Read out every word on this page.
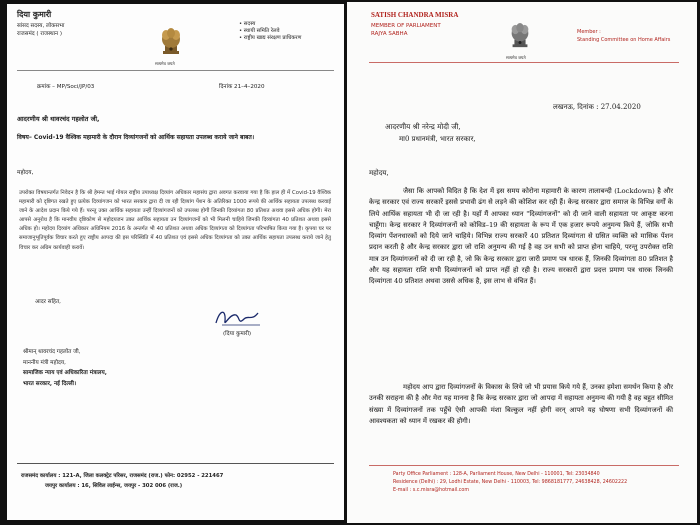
दिया कुमारी
सांसद सदस्य, लोकसभा
राजसमंद ( राजस्थान )
सत्यमेव जयते
• सदस्य
• स्थायी समिति रेलवे
• राष्ट्रीय खाद्य संरक्षण प्राधिकरण
क्रमांक – MP/Soci/JP/03	दिनांक 21–4–2020
आदरणीय श्री थावरचंद गहलोत जी,
विषय– Covid-19 वैश्विक महामारी के दौरान दिव्यांगजनों को आर्थिक सहायता उपलब्ध कराये जाने बाबत।
महोदय,
उपरोक्त विषयान्तर्गत निवेदन है कि श्री हेमन्त भाई गोयल राष्ट्रीय उपाध्यक्ष दिव्यांग अधिकार महासंघ द्वारा अवगत करवाया गया है कि हाल ही में Covid-19 वैश्विक महामारी को दृष्टिगत रखते हुए प्रत्येक दिव्यांगजन को भारत सरकार द्वारा दी जा रही दिव्यांग पेंशन के अतिरिक्त 1000 रूपये की आर्थिक सहायता उपलब्ध करवाई जाने के आदेश प्रदान किये गये हैं। परन्तु उक्त आर्थिक सहायता उन्हीं दिव्यांगजनों को उपलब्ध होगी जिनकी दिव्यांगता 80 प्रतिशत अथवा इससे अधिक होगी। मेरा आपसे अनुरोध है कि मानवीय दृष्टिकोण से महोदयजन उक्त आर्थिक सहायता उन दिव्यांगजनों को भी मिलनी चाहिये जिनकी दिव्यांगता 40 प्रतिशत अथवा इससे अधिक हो। महोदय दिव्यांग अधिकार अधिनियम 2016 के अन्तर्गत भी 40 प्रतिशत अथवा अधिक दिव्यांगता को दिव्यांगता परिभाषित किया गया है। कृपया घर पर समाजानुभूतिपूर्वक विचार करते हुए राष्ट्रीय आपदा की इस परिस्थिति में 40 प्रतिशत एवं इससे अधिक दिव्यांगता को उक्त आर्थिक सहायता उपलब्ध कराये जाने हेतु विचार कर अग्रिम कार्यवाही करावें।
आदर सहित,
(दिया कुमारी)
श्रीमान् थावरचंद गहलोत जी,
माननीय मंत्री महोदय,
सामाजिक न्याय एवं अधिकारिता मंत्रालय,
भारत सरकार, नई दिल्ली।
राजसमंद कार्यालय : 121-A, जिला कलक्ट्रेट परिसर, राजसमंद (राज.) फोन: 02952 - 221467
जयपुर कार्यालय : 16, सिविल लाईन्स, जयपुर - 302 006 (राज.)
SATISH CHANDRA MISRA
MEMBER OF PARLIAMENT
RAJYA SABHA
सत्यमेव जयते
Member :
Standing Committee on Home Affairs
लखनऊ, दिनांक : 27.04.2020
आदरणीय श्री नरेन्द्र मोदी जी,
मा0 प्रधानमंत्री, भारत सरकार,
महोदय,
जैसा कि आपको विदित है कि देश में इस समय कोरोना महामारी के कारण तालाबन्दी (Lockdown) है और केन्द्र सरकार एवं राज्य सरकारें इससे प्रभावी ढंग से लड़ने की कोशिश कर रही हैं। केन्द्र सरकार द्वारा समाज के विभिन्न वर्गों के लिये आर्थिक सहायता भी दी जा रही है। यहाँ मैं आपका ध्यान "दिव्यांगजनों" को दी जाने वाली सहायता पर आकृष्ट करना चाहूँगा। केन्द्र सरकार ने दिव्यांगजनों को कोविड–19 की सहायता के रूप में एक हजार रूपये अनुमन्य किये हैं, जोकि सभी दिव्यांग पेंशनधारकों को दिये जाने चाहिये। विभिन्न राज्य सरकारें 40 प्रतिशत दिव्यांगता से ग्रसित व्यक्ति को मासिक पेंशन प्रदान करती है और केन्द्र सरकार द्वारा जो राशि अनुमन्य की गई है वह उन सभी को प्राप्त होना चाहिये, परन्तु उपरोक्त राशि मात्र उन दिव्यांगजनों को दी जा रही है, जो कि केन्द्र सरकार द्वारा जारी प्रमाण पत्र धारक हैं, जिनकी दिव्यांगता 80 प्रतिशत है और यह सहायता राशि सभी दिव्यांगजनों को प्राप्त नहीं हो रही है। राज्य सरकारों द्वारा प्रदत्त प्रमाण पत्र धारक जिनकी दिव्यांगता 40 प्रतिशत अथवा उससे अधिक है, इस लाभ से वंचित हैं।
महोदय आप द्वारा दिव्यांगजनों के विकास के लिये जो भी प्रयास किये गये हैं, उनका हमेशा समर्थन किया है और उनकी सराहना की है और मेरा यह मानना है कि केन्द्र सरकार द्वारा जो आपदा में सहायता अनुमन्य की गयी है वह बहुत सीमित संख्या में दिव्यांगजनों तक पहुँचे ऐसी आपकी मंशा बिल्कुल नहीं होगी वरन् आपने यह घोषणा सभी दिव्यांगजनों की आवश्यकता को ध्यान में रखकर की होगी।
Party Office Parliament : 128-A, Parliament House, New Delhi - 110001, Tel: 23034840
Residence (Delhi) : 29, Lodhi Estate, New Delhi - 110003, Tel: 9868181777, 24638428, 24602222
E-mail : s.c.misra@hotmail.com
